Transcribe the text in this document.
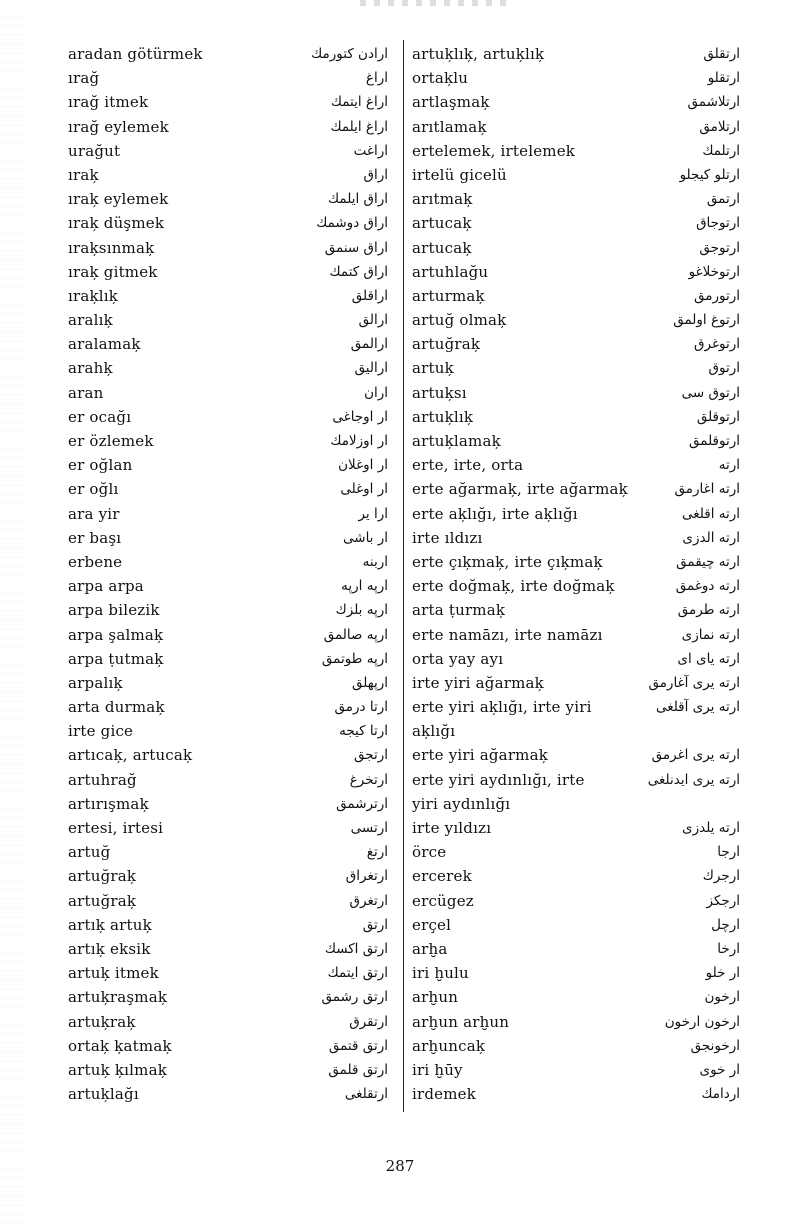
aradan götürmek	ارادن كتورمك
ırağ	اراغ
ırağ itmek	اراغ ايتمك
ırağ eylemek	اراغ ايلمك
urağut	اراغت
ıraķ	اراق
ıraķ eylemek	اراق ايلمك
ıraķ düşmek	اراق دوشمك
ıraķsınmaķ	اراق سنمق
ıraķ gitmek	اراق كتمك
ıraķlıķ	اراقلق
aralıķ	ارالق
aralamaķ	ارالمق
arahķ	اراليق
aran	اران
er ocağı	ار اوجاغى
er özlemek	ار اوزلامك
er oğlan	ار اوغلان
er oğlı	ار اوغلى
ara yir	ارا ير
er başı	ار باشى
erbene	اربنه
arpa arpa	ارپه ارپه
arpa bilezik	ارپه بلزك
arpa şalmaķ	ارپه صالمق
arpa ṭutmaķ	ارپه طوتمق
arpalıķ	ارپهلق
arta durmaķ	ارتا درمق
irte gice	ارتا كيجه
artıcaķ, artucaķ	ارتجق
artuhrağ	ارتخرغ
artırışmaķ	ارترشمق
ertesi, irtesi	ارتسى
artuğ	ارتغ
artuğraķ	ارتغراق
artuğraķ	ارتغرق
artıķ artuķ	ارتق
artıķ eksik	ارتق اكسك
artuķ itmek	ارتق ايتمك
artuķraşmaķ	ارتق رشمق
artuķraķ	ارتقرق
ortaķ ķatmaķ	ارتق قتمق
artuķ ķılmaķ	ارتق قلمق
artuķlağı	ارتقلغى
artuķlıķ, artuķlıķ	ارتقلق
ortaķlu	ارتقلو
artlaşmaķ	ارتلاشمق
arıtlamaķ	ارتلامق
ertelemek, irtelemek	ارتلمك
irtelü gicelü	ارتلو كيجلو
arıtmaķ	ارتمق
artucaķ	ارتوجاق
artucaķ	ارتوجق
artuhlağu	ارتوخلاغو
arturmaķ	ارتورمق
artuğ olmaķ	ارتوغ اولمق
artuğraķ	ارتوغرق
artuķ	ارتوق
artuķsı	ارتوق سى
artuķlıķ	ارتوقلق
artuķlamaķ	ارتوقلمق
erte, irte, orta	ارته
erte ağarmaķ, irte ağarmaķ	ارته اغارمق
erte aķlığı, irte aķlığı	ارته اقلغى
irte ıldızı	ارته الدزى
erte çıķmaķ, irte çıķmaķ	ارته چيقمق
erte doğmaķ, irte doğmaķ	ارته دوغمق
arta ṭurmaķ	ارته طرمق
erte namāzı, irte namāzı	ارته نمازى
orta yay ayı	ارته ياى اى
irte yiri ağarmaķ	ارته يرى آغارمق
erte yiri aķlığı, irte yiri	ارته يرى آقلغى
aķlığı
erte yiri ağarmaķ	ارته يرى اغرمق
erte yiri aydınlığı, irte	ارته يرى ايدنلغى
yiri aydınlığı
irte yıldızı	ارته يلدزى
örce	ارجا
ercerek	ارجرك
ercügez	ارجكز
erçel	ارچل
arḫa	ارخا
iri ḫulu	ار خلو
arḫun	ارخون
arḫun arḫun	ارخون ارخون
arḫuncaķ	ارخونجق
iri ḫūy	ار خوى
irdemek	اردامك
287
